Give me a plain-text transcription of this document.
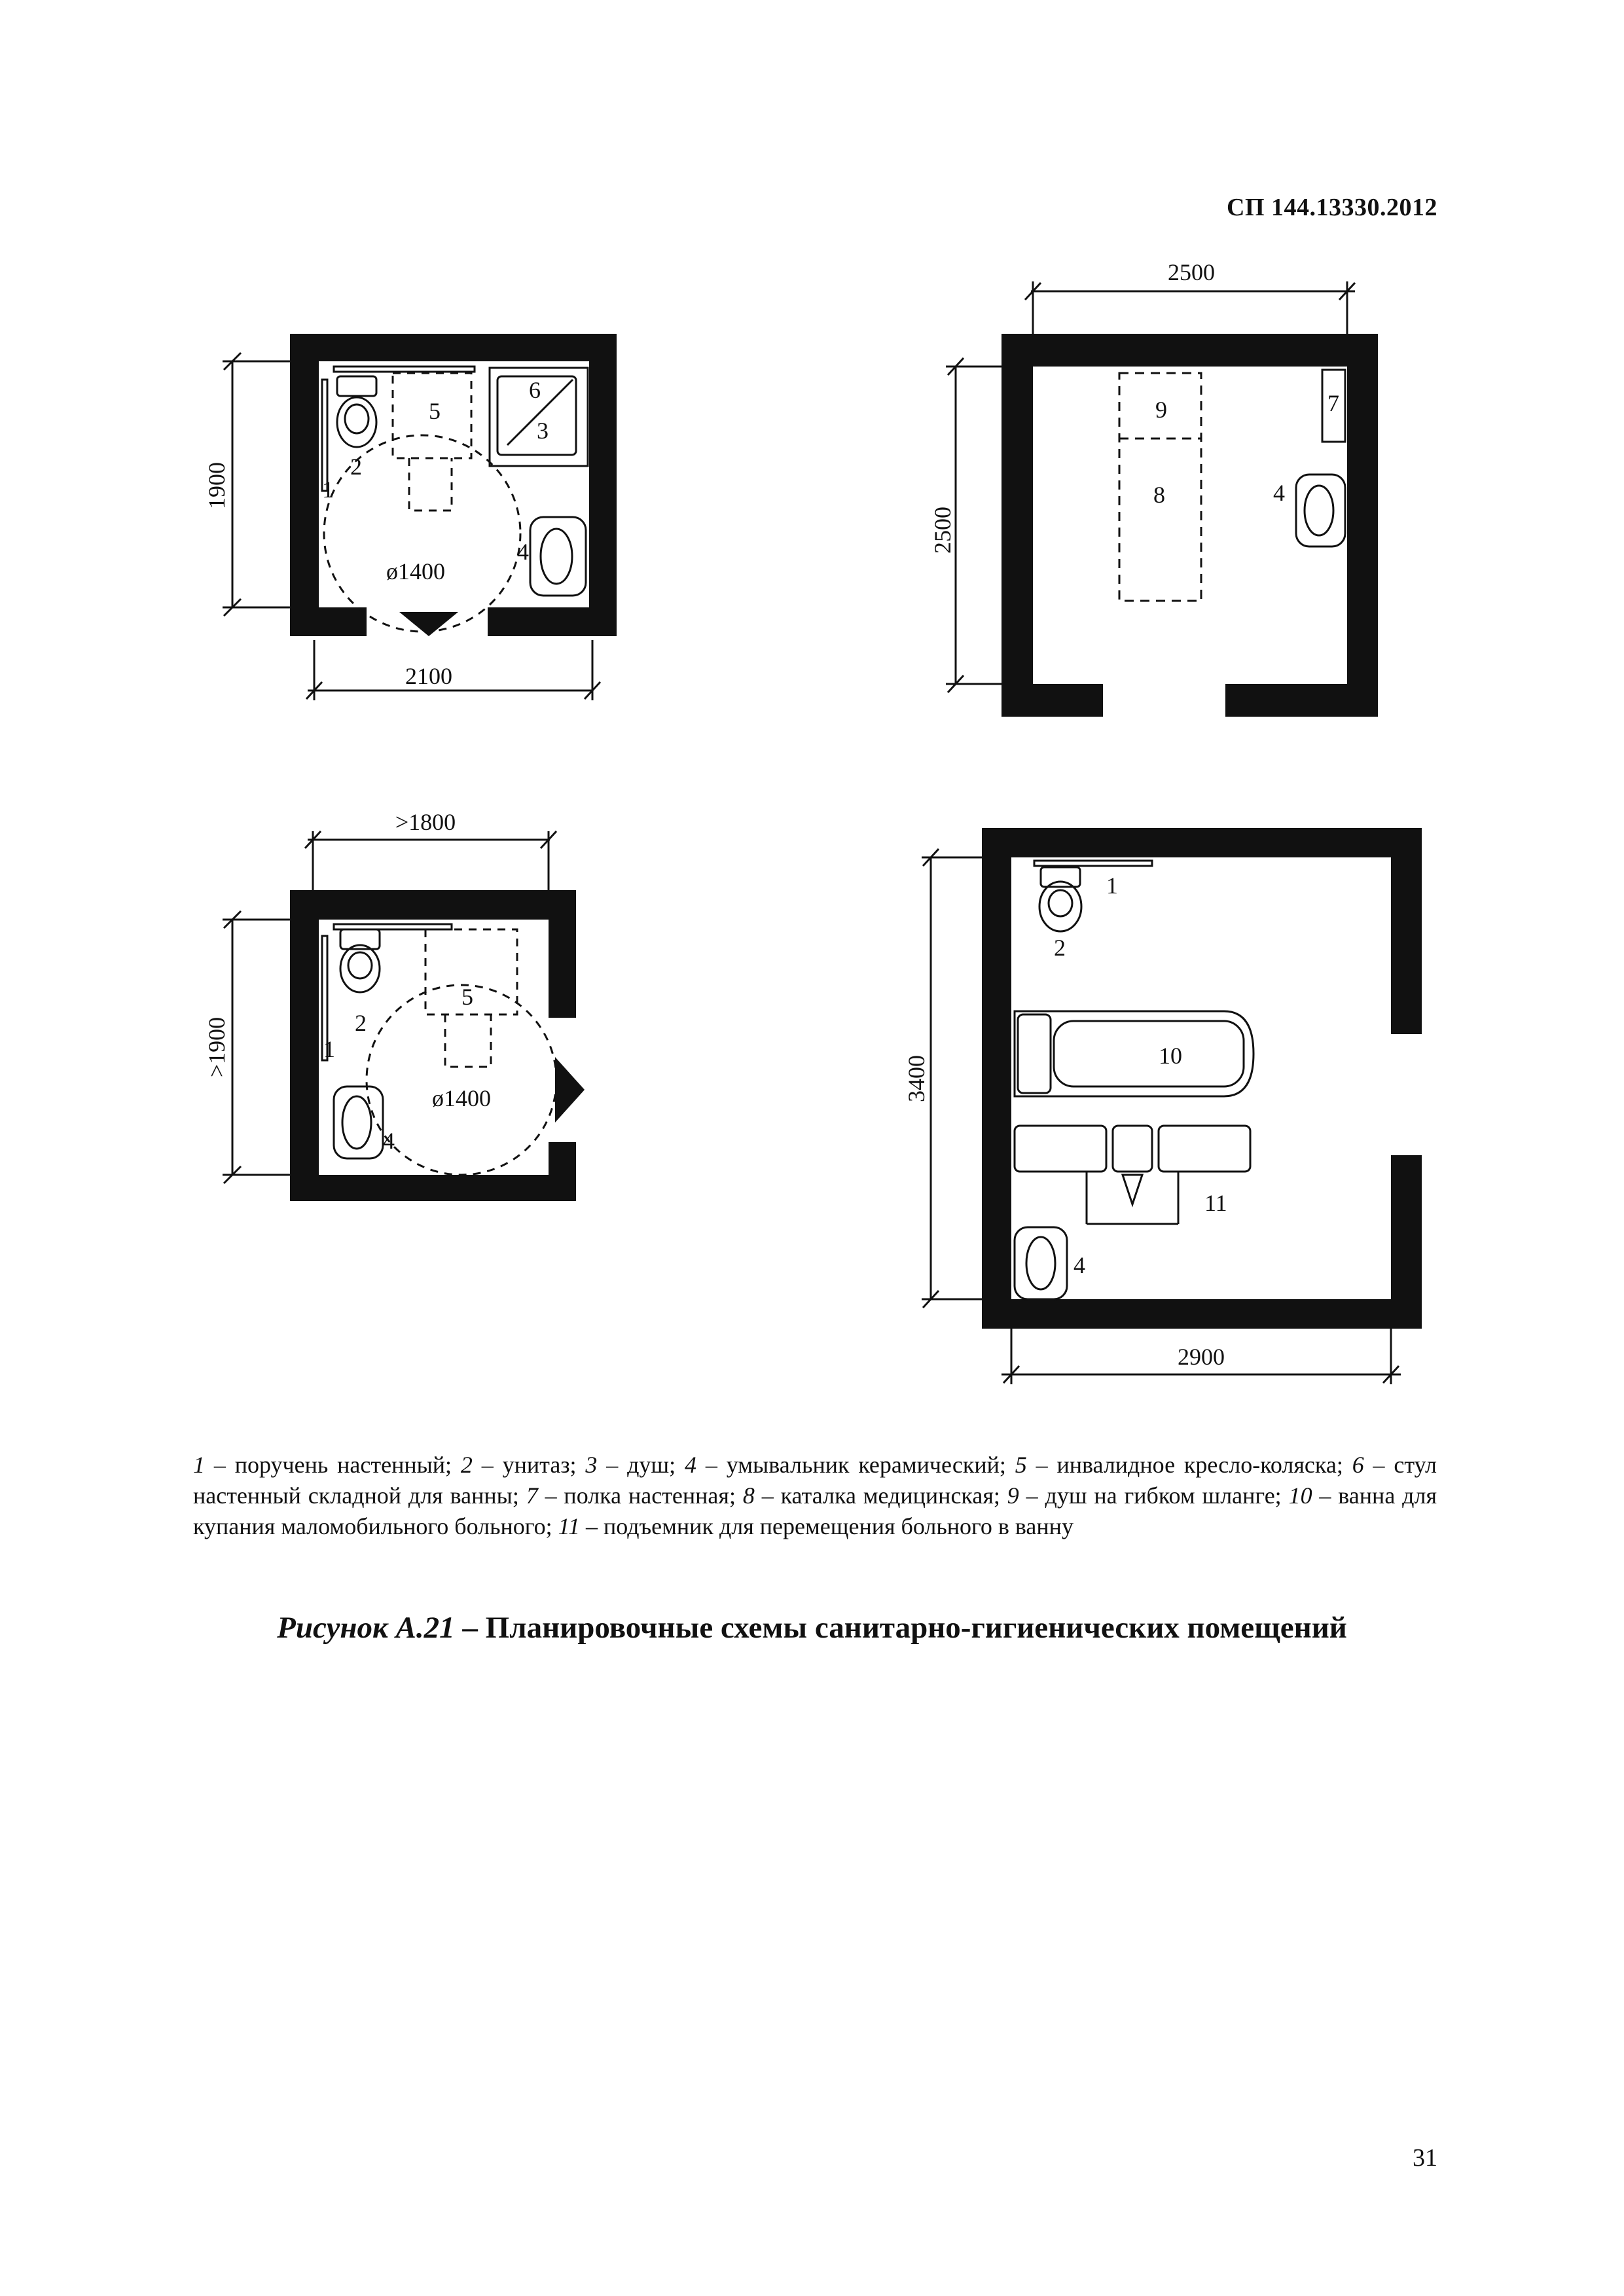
СП 144.13330.2012
2100
1900
ø1400
1
2
3
4
5
6
2500
2500
4
7
8
9
>1800
>1900
ø1400
1
2
4
5
2900
3400
1
2
4
10
11
1 – поручень настенный; 2 – унитаз; 3 – душ; 4 – умывальник керамический; 5 – инвалидное кресло-коляска; 6 – стул настенный складной для ванны; 7 – полка настенная; 8 – каталка медицинская; 9 – душ на гибком шланге; 10 – ванна для купания маломобильного больного; 11 – подъемник для перемещения больного в ванну
Рисунок А.21 – Планировочные схемы санитарно-гигиенических помещений
31
